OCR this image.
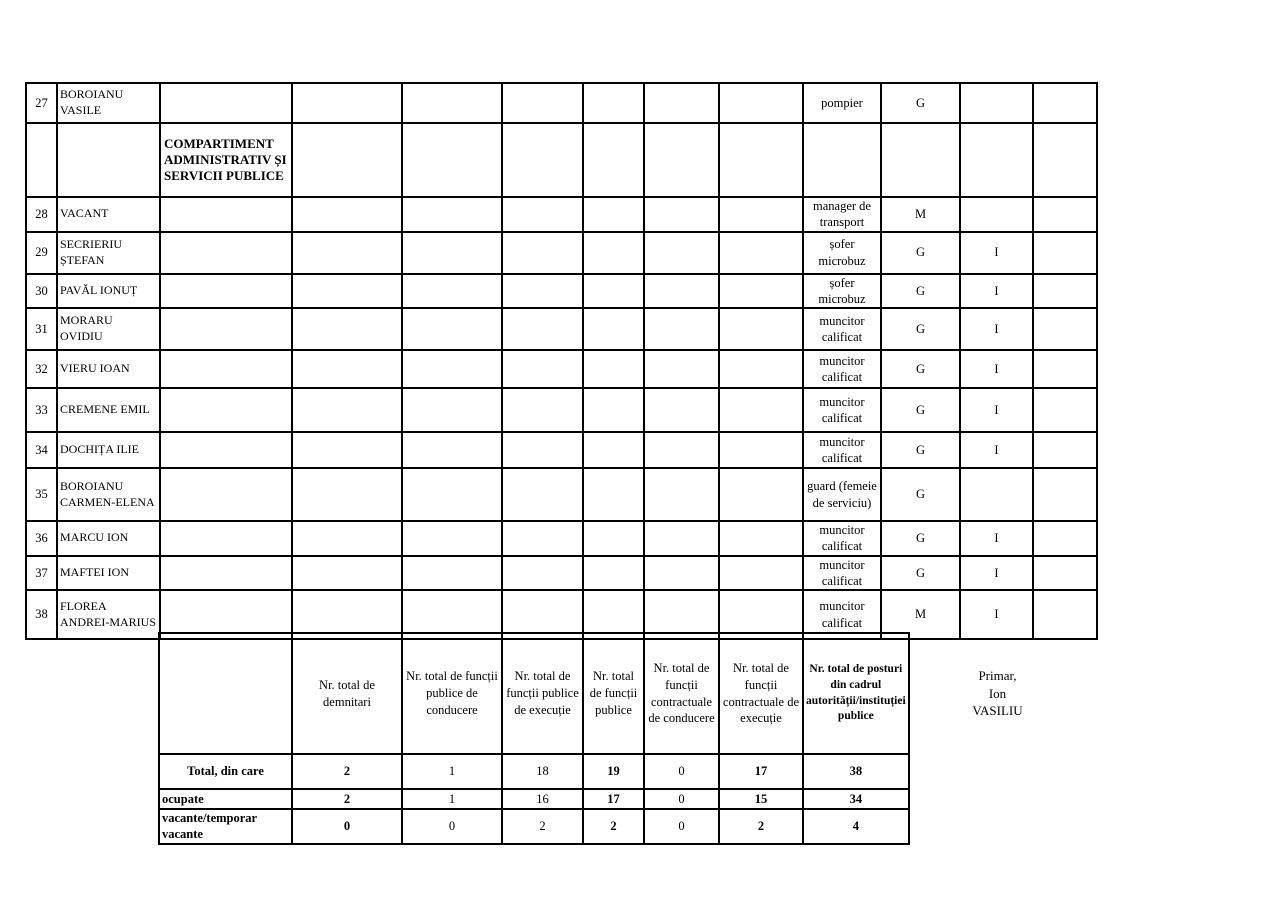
27	BOROIANU VASILE								pompier	G		
		COMPARTIMENT ADMINISTRATIV ȘI SERVICII PUBLICE										
28	VACANT								manager de transport	M		
29	SECRIERIU ȘTEFAN								șofer microbuz	G	I	
30	PAVĂL IONUȚ								șofer microbuz	G	I	
31	MORARU OVIDIU								muncitor calificat	G	I	
32	VIERU IOAN								muncitor calificat	G	I	
33	CREMENE EMIL								muncitor calificat	G	I	
34	DOCHIȚA ILIE								muncitor calificat	G	I	
35	BOROIANU CARMEN-ELENA								guard (femeie de serviciu)	G		
36	MARCU ION								muncitor calificat	G	I	
37	MAFTEI ION								muncitor calificat	G	I	
38	FLOREA ANDREI-MARIUS								muncitor calificat	M	I	
	Nr. total de demnitari	Nr. total de funcții publice de conducere	Nr. total de funcții publice de execuție	Nr. total de funcții publice	Nr. total de funcții contractuale de conducere	Nr. total de funcții contractuale de execuție	Nr. total de posturi din cadrul autorității/instituției publice
Total, din care	2	1	18	19	0	17	38
ocupate	2	1	16	17	0	15	34
vacante/temporar vacante	0	0	2	2	0	2	4
Primar,
Ion
VASILIU
